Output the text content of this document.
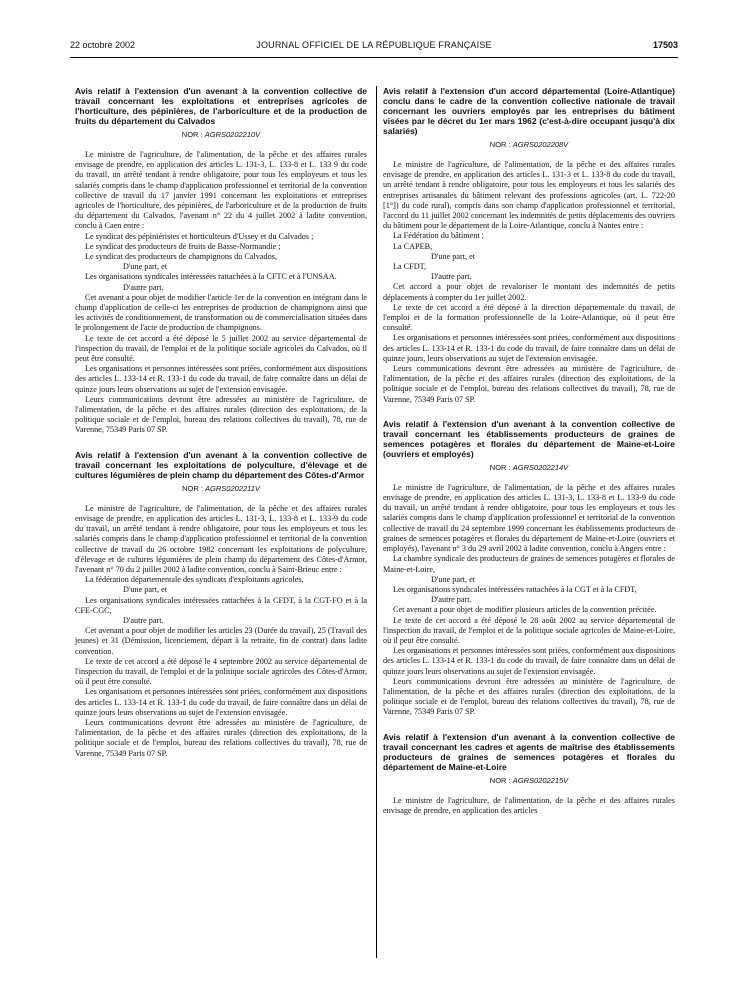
22 octobre 2002	JOURNAL OFFICIEL DE LA RÉPUBLIQUE FRANÇAISE	17503
Avis relatif à l'extension d'un avenant à la convention collective de travail concernant les exploitations et entreprises agricoles de l'horticulture, des pépinières, de l'arboriculture et de la production de fruits du département du Calvados
NOR : AGRS0202210V

Le ministre de l'agriculture, de l'alimentation, de la pêche et des affaires rurales envisage de prendre, en application des articles L. 131-3, L. 133-8 et L. 133 9 du code du travail, un arrêté tendant à rendre obligatoire, pour tous les employeurs et tous les salariés compris dans le champ d'application professionnel et territorial de la convention collective de travail du 17 janvier 1991 concernant les exploitations et entreprises agricoles de l'horticulture, des pépinières, de l'arboriculture et de la production de fruits du département du Calvados, l'avenant n° 22 du 4 juillet 2002 à ladite convention, conclu à Caen entre :

Le syndicat des pépiniéristes et horticulteurs d'Ussey et du Calvados ;

Le syndicat des producteurs de fruits de Basse-Normandie ;

Le syndicat des producteurs de champignons du Calvados,

D'une part, et

Les organisations syndicales intéressées rattachées à la CFTC et à l'UNSAA.

D'autre part.

Cet avenant a pour objet de modifier l'article 1er de la convention en intégrant dans le champ d'application de celle-ci les entreprises de production de champignons ainsi que les activités de conditionnement, de transformation ou de commercialisation situées dans le prolongement de l'acte de production de champignons.

Le texte de cet accord a été déposé le 5 juillet 2002 au service départemental de l'inspection du travail, de l'emploi et de la politique sociale agricoles du Calvados, où il peut être consulté.

Les organisations et personnes intéressées sont priées, conformément aux dispositions des articles L. 133-14 et R. 133-1 du code du travail, de faire connaître dans un délai de quinze jours leurs observations au sujet de l'extension envisagée.

Leurs communications devront être adressées au ministère de l'agriculture, de l'alimentation, de la pêche et des affaires rurales (direction des exploitations, de la politique sociale et de l'emploi, bureau des relations collectives du travail), 78, rue de Varenne, 75349 Paris 07 SP.

Avis relatif à l'extension d'un avenant à la convention collective de travail concernant les exploitations de polyculture, d'élevage et de cultures légumières de plein champ du département des Côtes-d'Armor
NOR : AGRS0202211V

Le ministre de l'agriculture, de l'alimentation, de la pêche et des affaires rurales envisage de prendre, en application des articles L. 131-3, L. 133-8 et L. 133-9 du code du travail, un arrêté tendant à rendre obligatoire, pour tous les employeurs et tous les salariés compris dans le champ d'application professionnel et territorial de la convention collective de travail du 26 octobre 1982 concernant les exploitations de polyculture, d'élevage et de cultures légumières de plein champ du département des Côtes-d'Armor, l'avenant n° 70 du 2 juillet 2002 à ladite convention, conclu à Saint-Brieuc entre :

La fédération départementale des syndicats d'exploitants agricoles,

D'une part, et

Les organisations syndicales intéressées rattachées à la CFDT, à la CGT-FO et à la CFE-CGC,

D'autre part.

Cet avenant a pour objet de modifier les articles 23 (Durée du travail), 25 (Travail des jeunes) et 31 (Démission, licenciement, départ à la retraite, fin de contrat) dans ladite convention.

Le texte de cet accord a été déposé le 4 septembre 2002 au service départemental de l'inspection du travail, de l'emploi et de la politique sociale agricoles des Côtes-d'Armor, où il peut être consulté.

Les organisations et personnes intéressées sont priées, conformément aux dispositions des articles L. 133-14 et R. 133-1 du code du travail, de faire connaître dans un délai de quinze jours leurs observations au sujet de l'extension envisagée.

Leurs communications devront être adressées au ministère de l'agriculture, de l'alimentation, de la pêche et des affaires rurales (direction des exploitations, de la politique sociale et de l'emploi, bureau des relations collectives du travail), 78, rue de Varenne, 75349 Paris 07 SP.

Avis relatif à l'extension d'un accord départemental (Loire-Atlantique) conclu dans le cadre de la convention collective nationale de travail concernant les ouvriers employés par les entreprises du bâtiment visées par le décret du 1er mars 1962 (c'est-à-dire occupant jusqu'à dix salariés)
NOR : AGRS0202208V

Le ministre de l'agriculture, de l'alimentation, de la pêche et des affaires rurales envisage de prendre, en application des articles L. 131-3 et L. 133-8 du code du travail, un arrêté tendant à rendre obligatoire, pour tous les employeurs et tous les salariés des entreprises artisanales du bâtiment relevant des professions agricoles (art. L. 722-20 [1°]) du code rural), compris dans son champ d'application professionnel et territorial, l'accord du 11 juillet 2002 concernant les indemnités de petits déplacements des ouvriers du bâtiment pour le département de la Loire-Atlantique, conclu à Nantes entre :

La Fédération du bâtiment ;

La CAPEB,

D'une part, et

La CFDT,

D'autre part.

Cet accord a pour objet de revaloriser le montant des indemnités de petits déplacements à compter du 1er juillet 2002.

Le texte de cet accord a été déposé à la direction départementale du travail, de l'emploi et de la formation professionnelle de la Loire-Atlantique, où il peut être consulté.

Les organisations et personnes intéressées sont priées, conformément aux dispositions des articles L. 133-14 et R. 133-1 du code du travail, de faire connaître dans un délai de quinze jours, leurs observations au sujet de l'extension envisagée.

Leurs communications devront être adressées au ministère de l'agriculture, de l'alimentation, de la pêche et des affaires rurales (direction des exploitations, de la politique sociale et de l'emploi, bureau des relations collectives du travail), 78, rue de Varenne, 75349 Paris 07 SP.

Avis relatif à l'extension d'un avenant à la convention collective de travail concernant les établissements producteurs de graines de semences potagères et florales du département de Maine-et-Loire (ouvriers et employés)
NOR : AGRS0202214V

Le ministre de l'agriculture, de l'alimentation, de la pêche et des affaires rurales envisage de prendre, en application des articles L. 131-3, L. 133-8 et L. 133-9 du code du travail, un arrêté tendant à rendre obligatoire, pour tous les employeurs et tous les salariés compris dans le champ d'application professionnel et territorial de la convention collective de travail du 24 septembre 1999 concernant les établissements producteurs de graines de semences potagères et florales du département de Maine-et-Loire (ouvriers et employés), l'avenant n° 3 du 29 avril 2002 à ladite convention, conclu à Angers entre :

La chambre syndicale des producteurs de graines de semences potagères et florales de Maine-et-Loire,

D'une part, et

Les organisations syndicales intéressées rattachées à la CGT et à la CFDT,

D'autre part.

Cet avenant a pour objet de modifier plusieurs articles de la convention précitée.

Le texte de cet accord a été déposé le 28 août 2002 au service départemental de l'inspection du travail, de l'emploi et de la politique sociale agricoles de Maine-et-Loire, où il peut être consulté.

Les organisations et personnes intéressées sont priées, conformément aux dispositions des articles L. 133-14 et R. 133-1 du code du travail, de faire connaître dans un délai de quinze jours leurs observations au sujet de l'extension envisagée.

Leurs communications devront être adressées au ministère de l'agriculture, de l'alimentation, de la pêche et des affaires rurales (direction des exploitations, de la politique sociale et de l'emploi, bureau des relations collectives du travail), 78, rue de Varenne, 75349 Paris 07 SP.

Avis relatif à l'extension d'un avenant à la convention collective de travail concernant les cadres et agents de maîtrise des établissements producteurs de graines de semences potagères et florales du département de Maine-et-Loire
NOR : AGRS0202215V

Le ministre de l'agriculture, de l'alimentation, de la pêche et des affaires rurales envisage de prendre, en application des articles
